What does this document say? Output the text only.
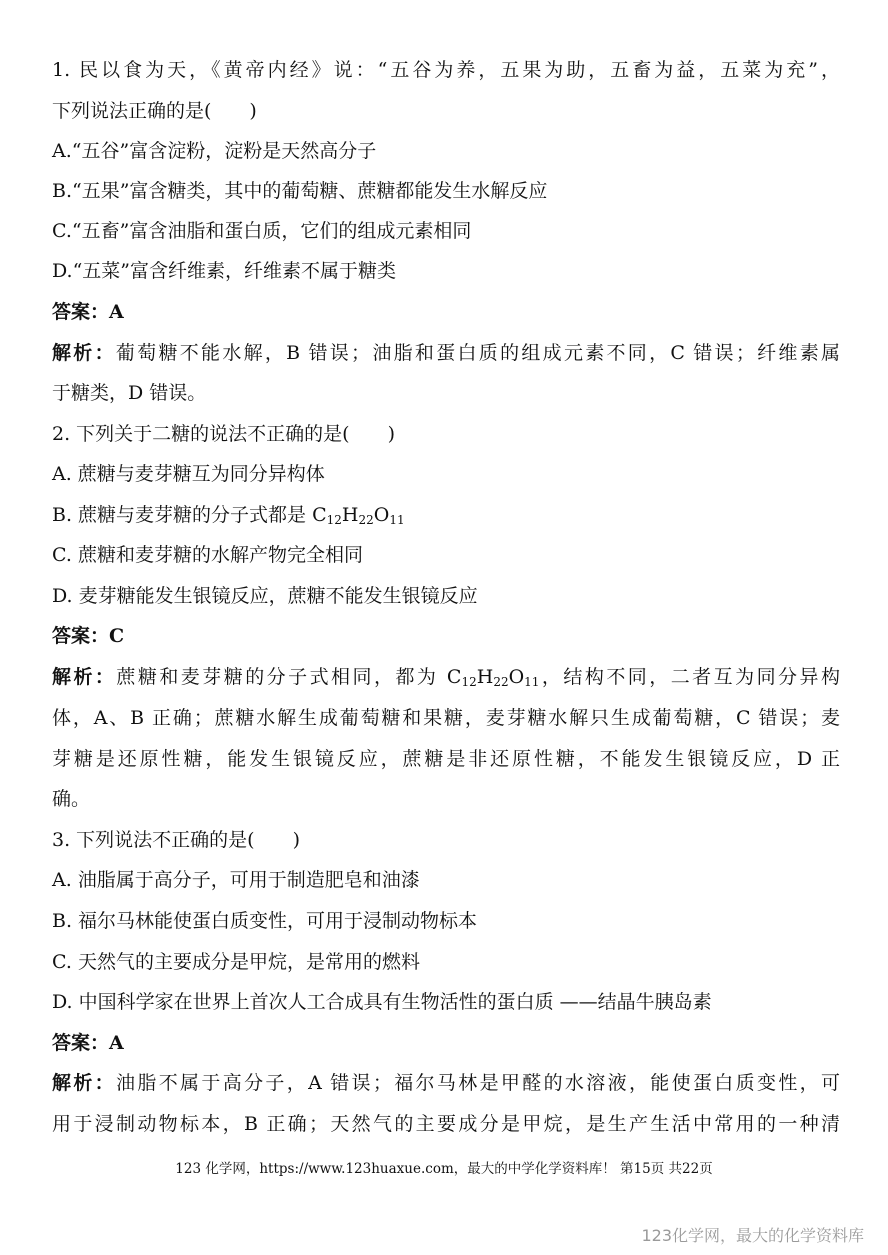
1. 民以食为天，《黄帝内经》说：“五谷为养，五果为助，五畜为益，五菜为充”，
下列说法正确的是(　　)
A.“五谷”富含淀粉，淀粉是天然高分子
B.“五果”富含糖类，其中的葡萄糖、蔗糖都能发生水解反应
C.“五畜”富含油脂和蛋白质，它们的组成元素相同
D.“五菜”富含纤维素，纤维素不属于糖类
答案：A
解析：葡萄糖不能水解，B 错误；油脂和蛋白质的组成元素不同，C 错误；纤维素属
于糖类，D 错误。
2. 下列关于二糖的说法不正确的是(　　)
A. 蔗糖与麦芽糖互为同分异构体
B. 蔗糖与麦芽糖的分子式都是 $C_{12}H_{22}O_{11}$
C. 蔗糖和麦芽糖的水解产物完全相同
D. 麦芽糖能发生银镜反应，蔗糖不能发生银镜反应
答案：C
解析：蔗糖和麦芽糖的分子式相同，都为 $C_{12}H_{22}O_{11}$，结构不同，二者互为同分异构
体，A、B 正确；蔗糖水解生成葡萄糖和果糖，麦芽糖水解只生成葡萄糖，C 错误；麦
芽糖是还原性糖，能发生银镜反应，蔗糖是非还原性糖，不能发生银镜反应，D 正
确。
3. 下列说法不正确的是(　　)
A. 油脂属于高分子，可用于制造肥皂和油漆
B. 福尔马林能使蛋白质变性，可用于浸制动物标本
C. 天然气的主要成分是甲烷，是常用的燃料
D. 中国科学家在世界上首次人工合成具有生物活性的蛋白质 ——结晶牛胰岛素
答案：A
解析：油脂不属于高分子，A 错误；福尔马林是甲醛的水溶液，能使蛋白质变性，可
用于浸制动物标本，B 正确；天然气的主要成分是甲烷，是生产生活中常用的一种清
123 化学网，https://www.123huaxue.com，最大的中学化学资料库！ 第15页 共22页
123化学网，最大的化学资料库
